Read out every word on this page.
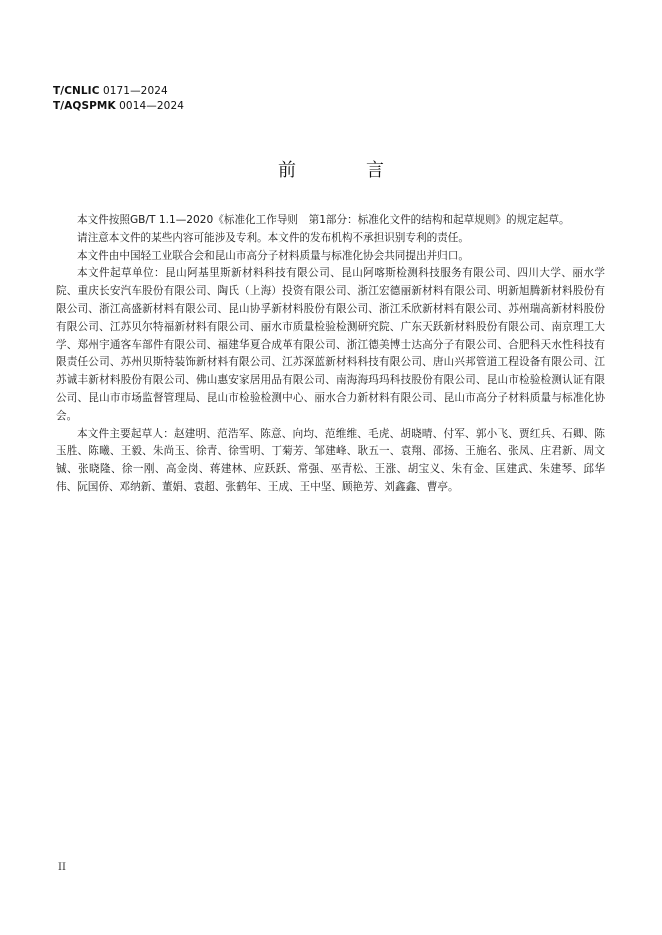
T/CNLIC 0171—2024
T/AQSPMK 0014—2024
前　言

本文件按照GB/T 1.1—2020《标准化工作导则　第1部分：标准化文件的结构和起草规则》的规定起草。

请注意本文件的某些内容可能涉及专利。本文件的发布机构不承担识别专利的责任。

本文件由中国轻工业联合会和昆山市高分子材料质量与标准化协会共同提出并归口。

本文件起草单位：昆山阿基里斯新材料科技有限公司、昆山阿喀斯检测科技服务有限公司、四川大学、丽水学院、重庆长安汽车股份有限公司、陶氏（上海）投资有限公司、浙江宏德丽新材料有限公司、明新旭腾新材料股份有限公司、浙江高盛新材料有限公司、昆山协孚新材料股份有限公司、浙江禾欣新材料有限公司、苏州瑞高新材料股份有限公司、江苏贝尔特福新材料有限公司、丽水市质量检验检测研究院、广东天跃新材料股份有限公司、南京理工大学、郑州宇通客车部件有限公司、福建华夏合成革有限公司、浙江德美博士达高分子有限公司、合肥科天水性科技有限责任公司、苏州贝斯特装饰新材料有限公司、江苏深蓝新材料科技有限公司、唐山兴邦管道工程设备有限公司、江苏诚丰新材料股份有限公司、佛山惠安家居用品有限公司、南海海玛玛科技股份有限公司、昆山市检验检测认证有限公司、昆山市市场监督管理局、昆山市检验检测中心、丽水合力新材料有限公司、昆山市高分子材料质量与标准化协会。

本文件主要起草人：赵建明、范浩军、陈意、向均、范维维、毛虎、胡晓晴、付军、郭小飞、贾红兵、石卿、陈玉胜、陈曦、王毅、朱尚玉、徐青、徐雪明、丁菊芳、邹建峰、耿五一、袁翔、邵扬、王施名、张凤、庄君新、周文铖、张晓隆、徐一刚、高金岗、蒋建林、应跃跃、常强、巫青松、王涨、胡宝义、朱有金、匡建武、朱建琴、邱华伟、阮国侨、邓纳新、董娟、袁超、张鹤年、王成、王中坚、顾艳芳、刘鑫鑫、曹亭。

II
